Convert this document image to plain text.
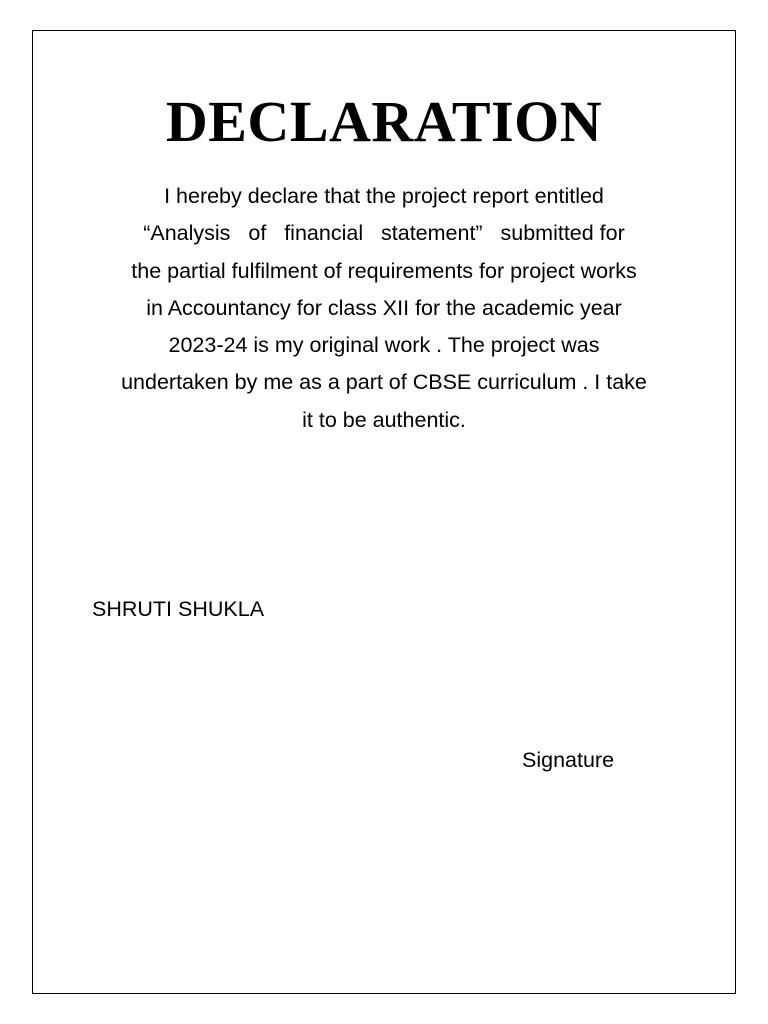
DECLARATION

I hereby declare that the project report entitled
“Analysis   of   financial   statement”   submitted for
the partial fulfilment of requirements for project works
in Accountancy for class XII for the academic year
2023-24 is my original work . The project was
undertaken by me as a part of CBSE curriculum . I take
it to be authentic.

SHRUTI SHUKLA

Signature
